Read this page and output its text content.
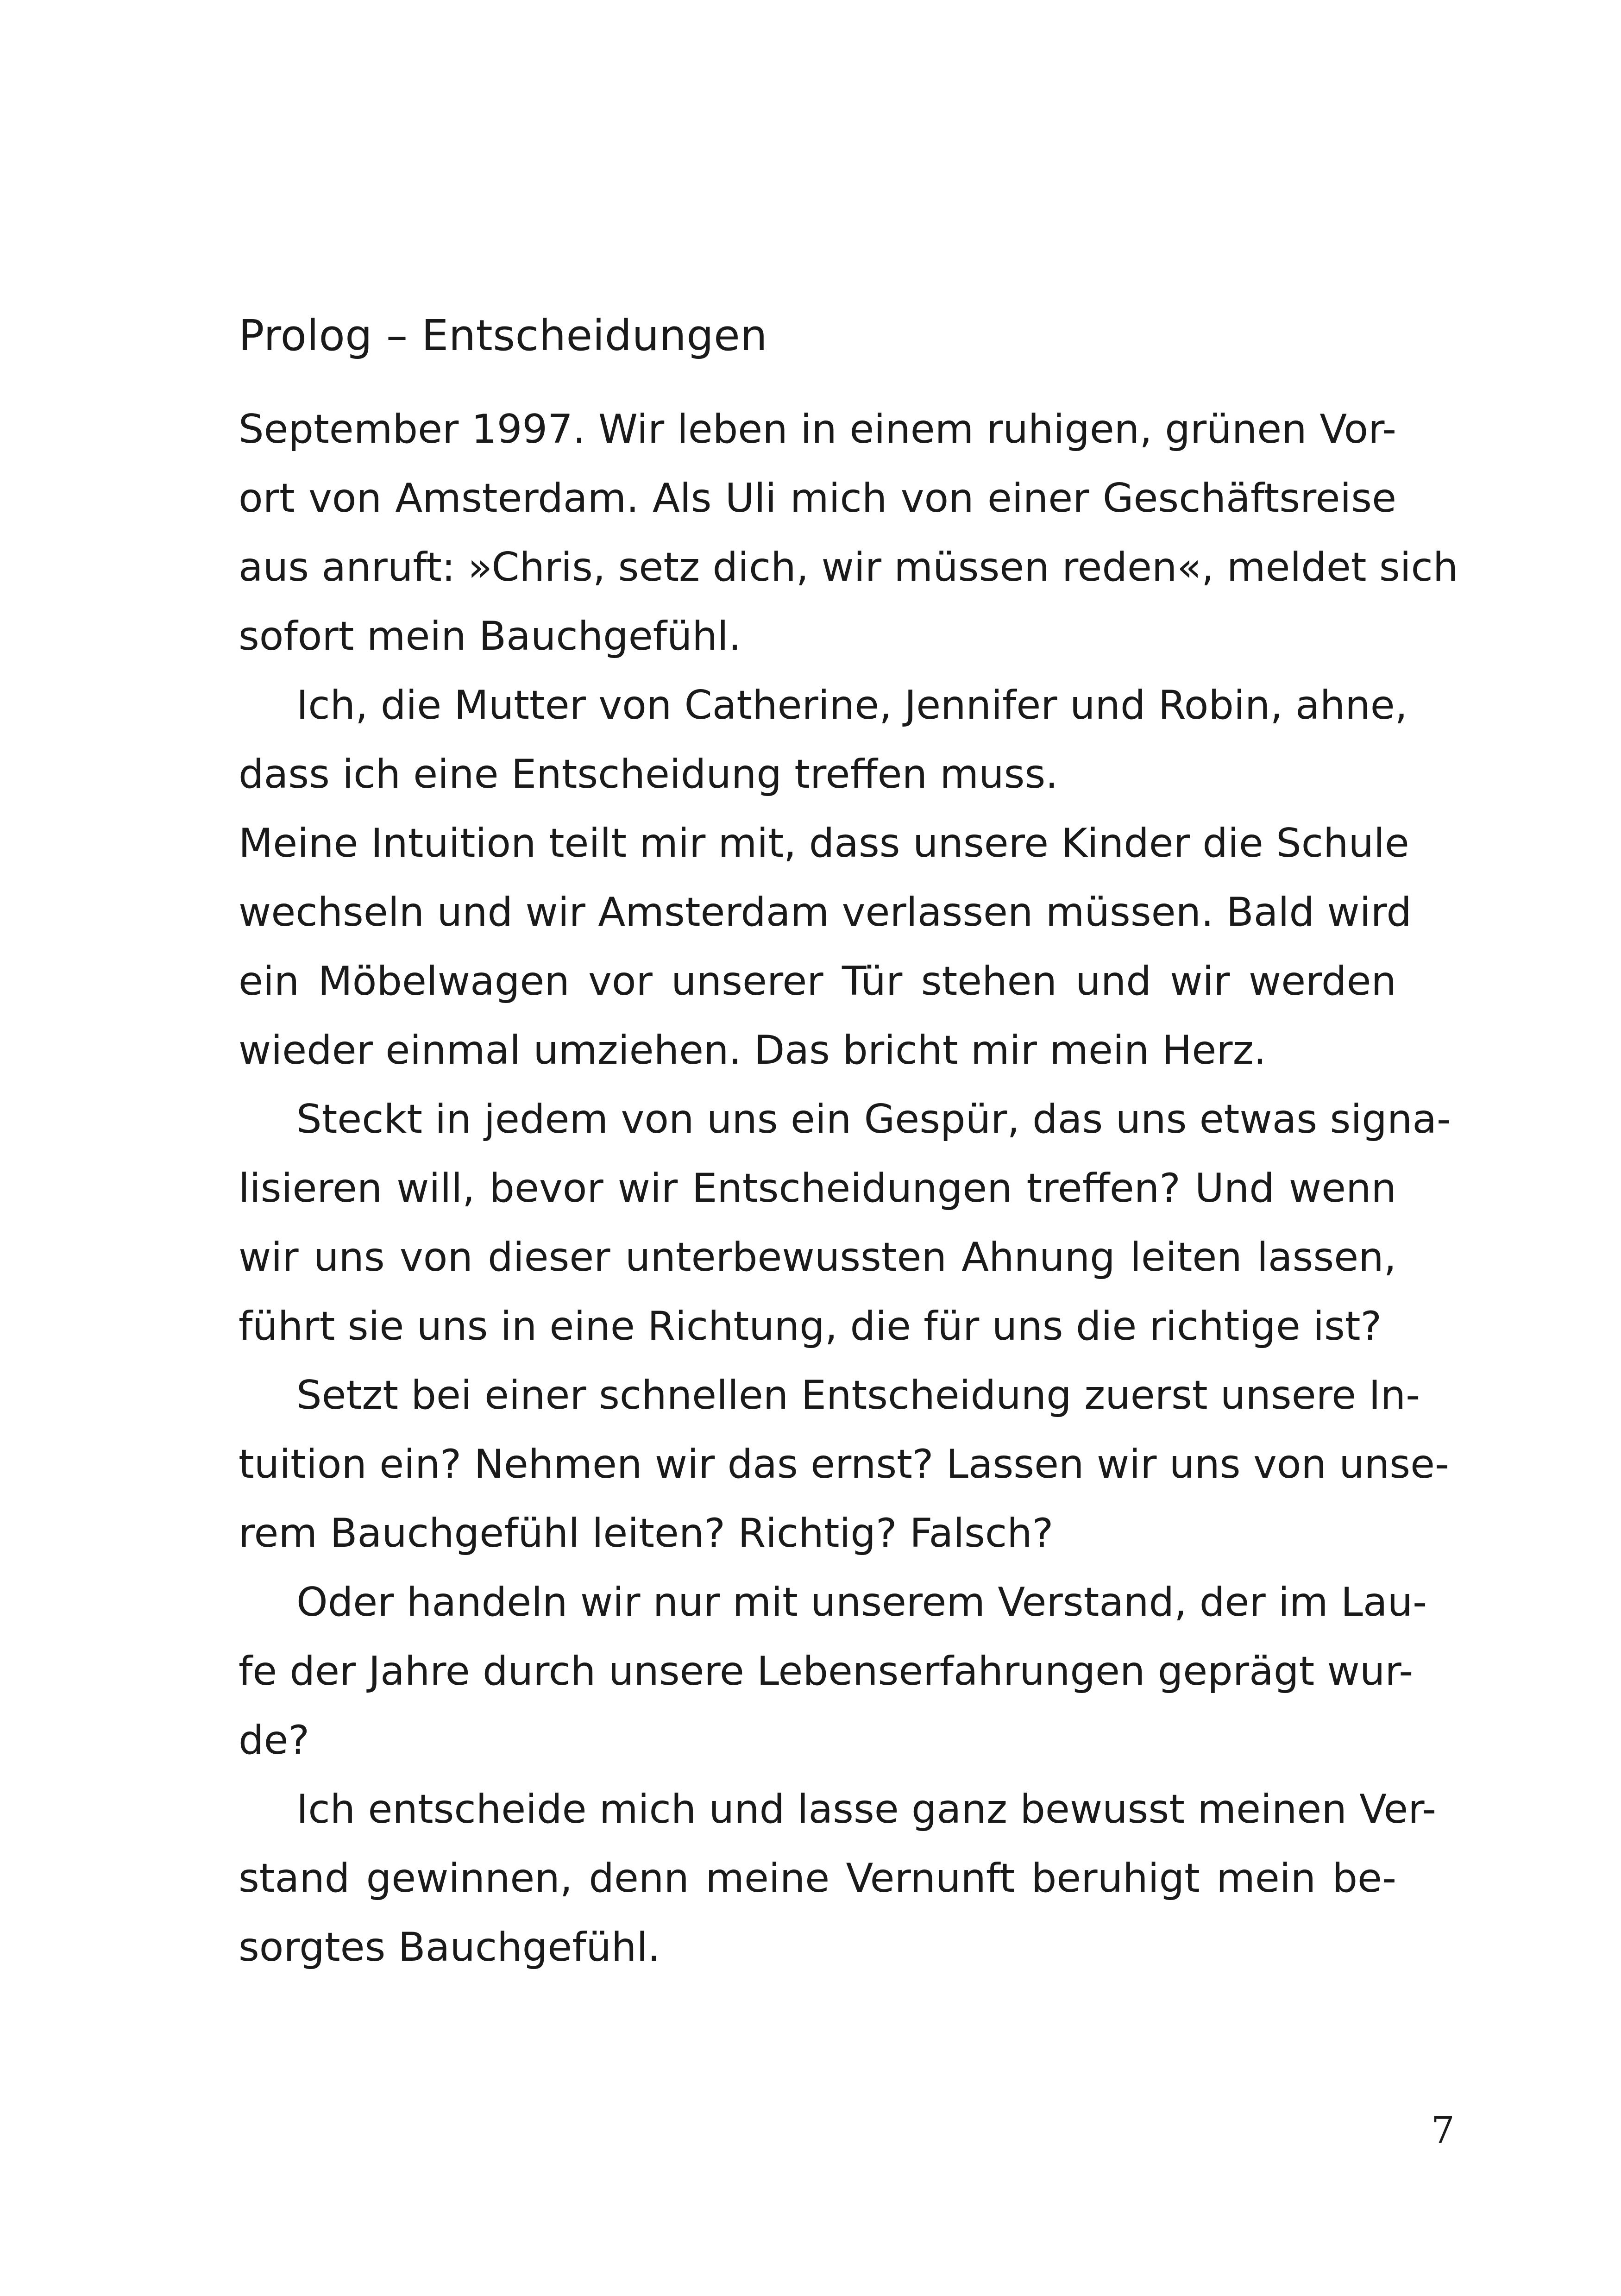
Prolog – Entscheidungen
September 1997. Wir leben in einem ruhigen, grünen Vor-
ort von Amsterdam. Als Uli mich von einer Geschäftsreise
aus anruft: »Chris, setz dich, wir müssen reden«, meldet sich
sofort mein Bauchgefühl.
Ich, die Mutter von Catherine, Jennifer und Robin, ahne,
dass ich eine Entscheidung treffen muss.
Meine Intuition teilt mir mit, dass unsere Kinder die Schule
wechseln und wir Amsterdam verlassen müssen. Bald wird
ein Möbelwagen vor unserer Tür stehen und wir werden
wieder einmal umziehen. Das bricht mir mein Herz.
Steckt in jedem von uns ein Gespür, das uns etwas signa-
lisieren will, bevor wir Entscheidungen treffen? Und wenn
wir uns von dieser unterbewussten Ahnung leiten lassen,
führt sie uns in eine Richtung, die für uns die richtige ist?
Setzt bei einer schnellen Entscheidung zuerst unsere In-
tuition ein? Nehmen wir das ernst? Lassen wir uns von unse-
rem Bauchgefühl leiten? Richtig? Falsch?
Oder handeln wir nur mit unserem Verstand, der im Lau-
fe der Jahre durch unsere Lebenserfahrungen geprägt wur-
de?
Ich entscheide mich und lasse ganz bewusst meinen Ver-
stand gewinnen, denn meine Vernunft beruhigt mein be-
sorgtes Bauchgefühl.
7
